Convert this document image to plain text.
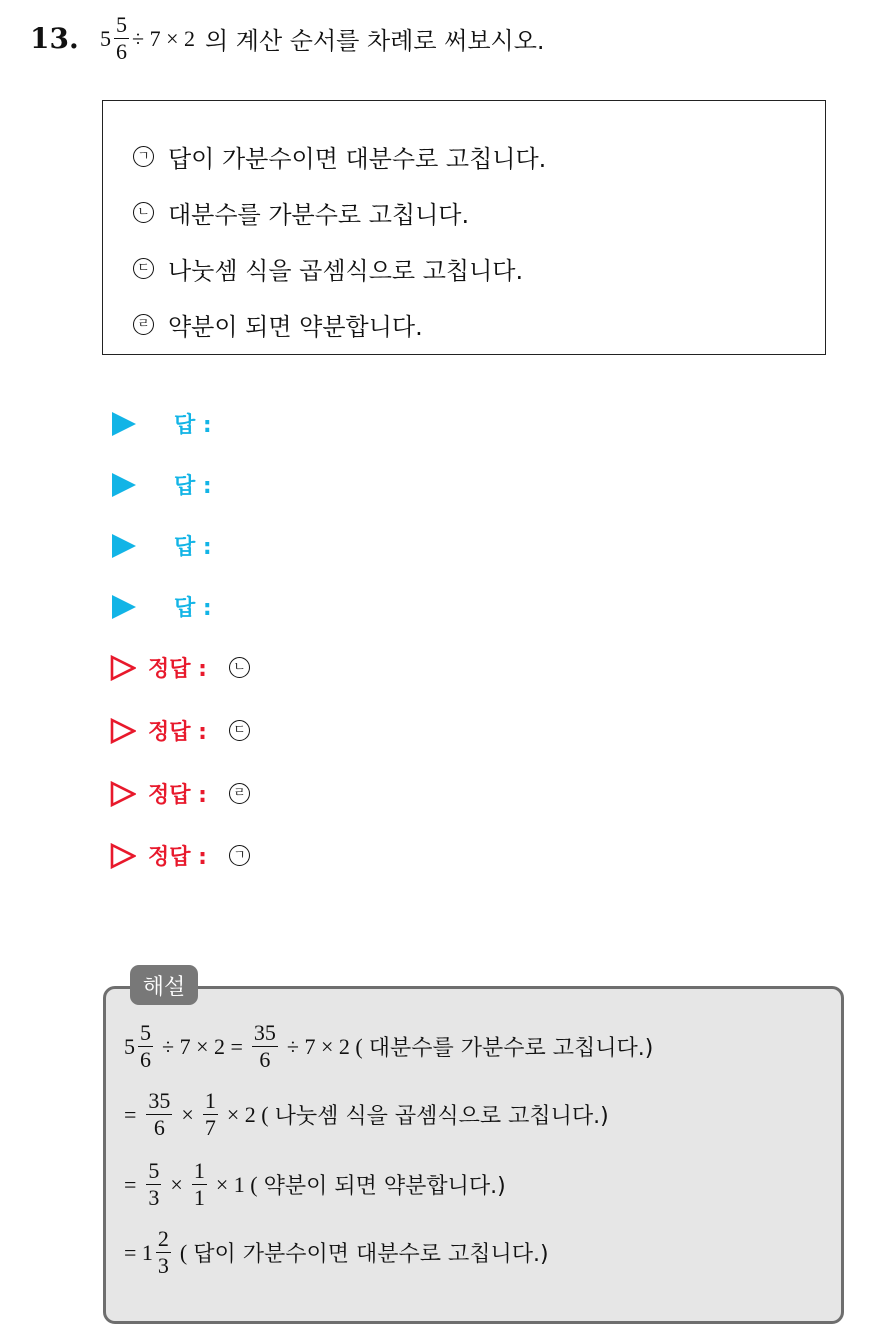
13. $5 \frac{5}{6} \div 7 \times 2$ 의 계산 순서를 차례로 써보시오.
ㄱ 답이 가분수이면 대분수로 고칩니다.
ㄴ 대분수를 가분수로 고칩니다.
ㄷ 나눗셈 식을 곱셈식으로 고칩니다.
ㄹ 약분이 되면 약분합니다.
답 :
답 :
답 :
답 :
정답 :	ㄴ
정답 :	ㄷ
정답 :	ㄹ
정답 :	ㄱ
해설
$5 \frac{5}{6} \div 7 \times 2 = \frac{35}{6} \div 7 \times 2$ ( 대분수를 가분수로 고칩니다.)
= $\frac{35}{6} \times \frac{1}{7} \times 2$ ( 나눗셈 식을 곱셈식으로 고칩니다.)
= $\frac{5}{3} \times \frac{1}{1} \times 1$ ( 약분이 되면 약분합니다.)
= $1 \frac{2}{3}$ ( 답이 가분수이면 대분수로 고칩니다.)
